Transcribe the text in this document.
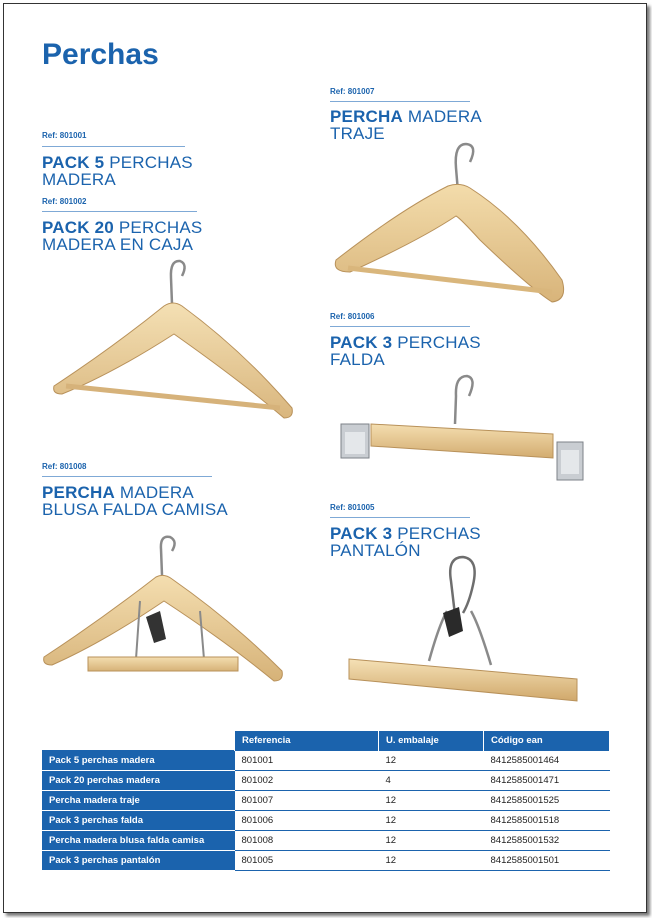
Perchas
Ref: 801001
PACK 5 PERCHAS
MADERA
Ref: 801002
PACK 20 PERCHAS
MADERA EN CAJA
Ref: 801007
PERCHA MADERA
TRAJE
Ref: 801006
PACK 3 PERCHAS
FALDA
Ref: 801008
PERCHA MADERA
BLUSA FALDA CAMISA	Ref: 801005
PACK 3 PERCHAS
PANTALÓN
	Referencia	U. embalaje	Código ean
Pack 5 perchas madera	801001	12	8412585001464
Pack 20 perchas madera	801002	4	8412585001471
Percha madera traje	801007	12	8412585001525
Pack 3 perchas falda	801006	12	8412585001518
Percha madera blusa falda camisa	801008	12	8412585001532
Pack 3 perchas pantalón	801005	12	8412585001501
